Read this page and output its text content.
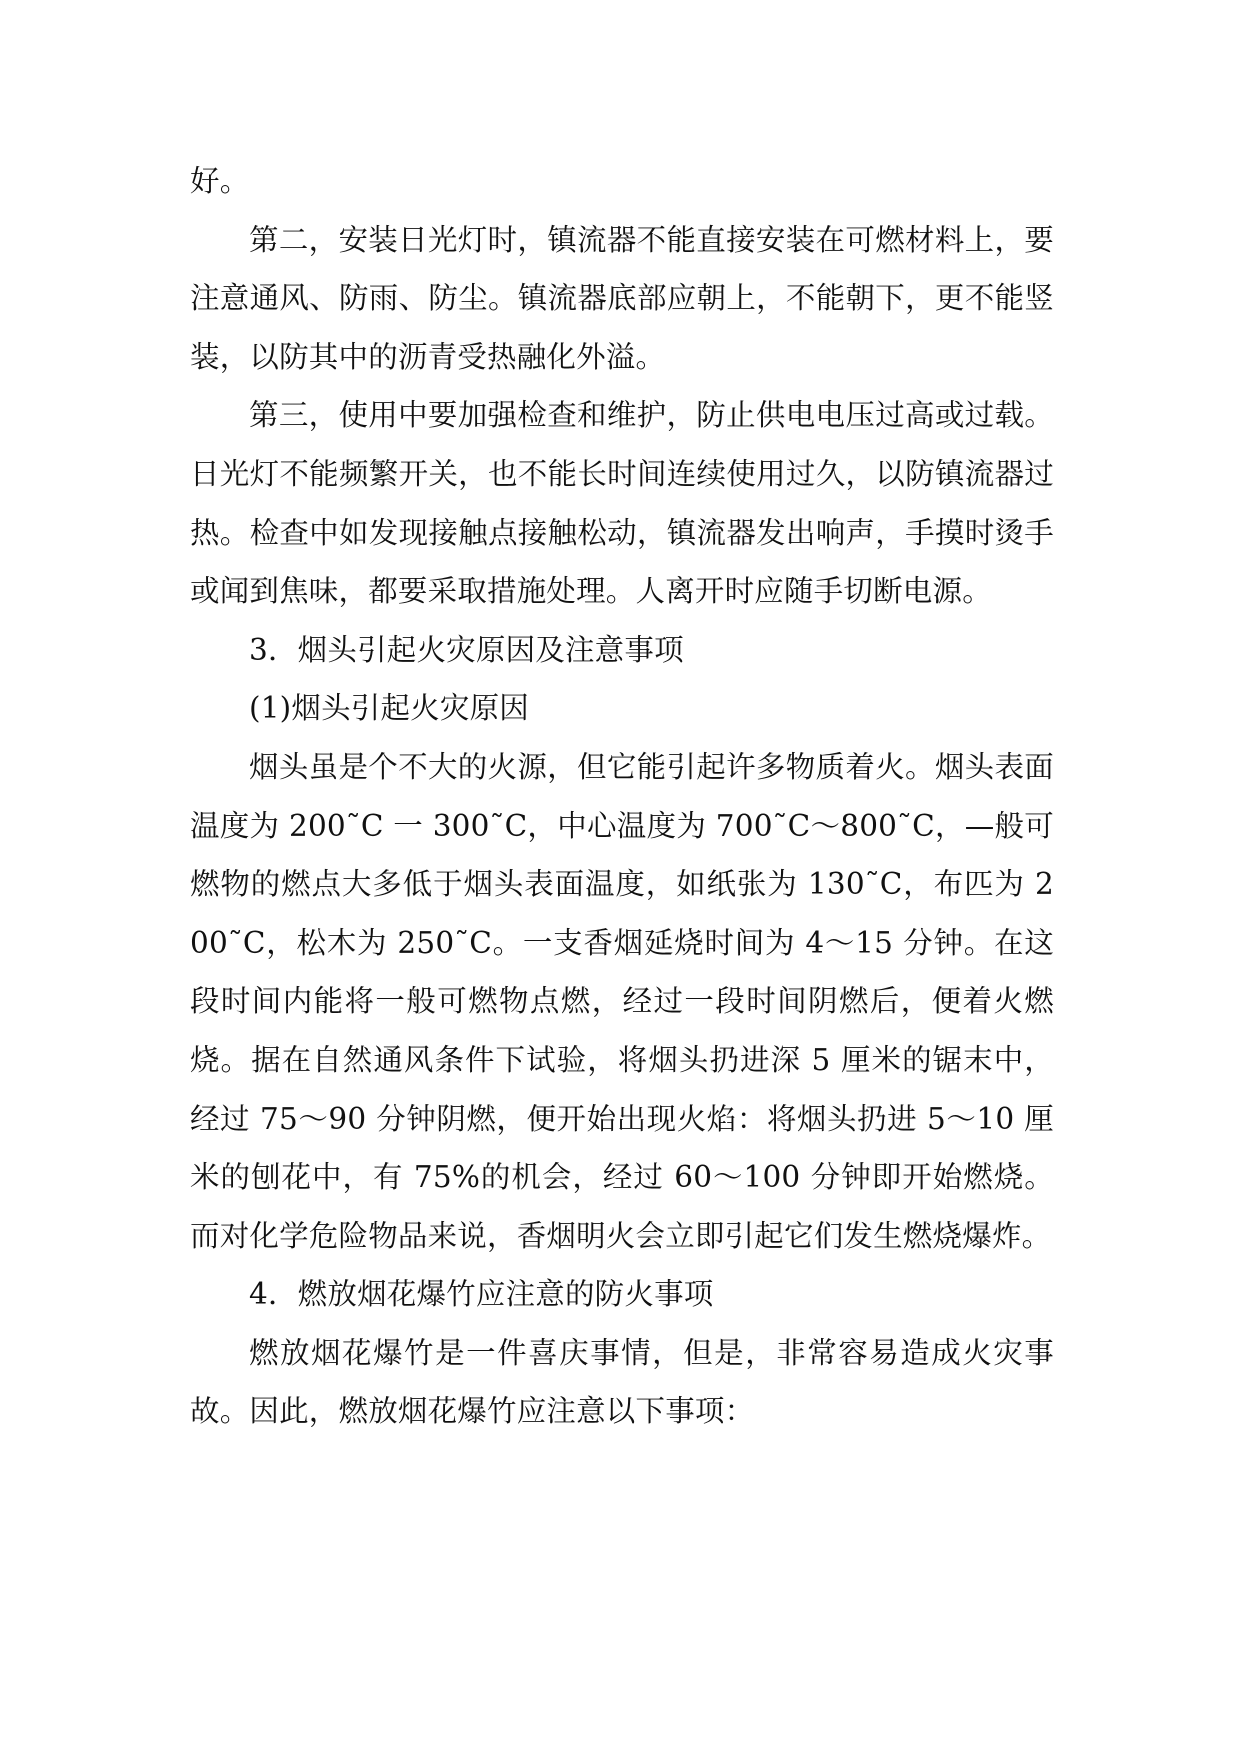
好。

第二，安装日光灯时，镇流器不能直接安装在可燃材料上，要注意通风、防雨、防尘。镇流器底部应朝上，不能朝下，更不能竖装，以防其中的沥青受热融化外溢。

第三，使用中要加强检查和维护，防止供电电压过高或过载。日光灯不能频繁开关，也不能长时间连续使用过久，以防镇流器过热。检查中如发现接触点接触松动，镇流器发出响声，手摸时烫手或闻到焦味，都要采取措施处理。人离开时应随手切断电源。

3．烟头引起火灾原因及注意事项

(1)烟头引起火灾原因

烟头虽是个不大的火源，但它能引起许多物质着火。烟头表面温度为 200˜C 一 300˜C，中心温度为 700˜C～800˜C，—般可燃物的燃点大多低于烟头表面温度，如纸张为 130˜C，布匹为 200˜C，松木为 250˜C。一支香烟延烧时间为 4～15 分钟。在这段时间内能将一般可燃物点燃，经过一段时间阴燃后，便着火燃烧。据在自然通风条件下试验，将烟头扔进深 5 厘米的锯末中，经过 75～90 分钟阴燃，便开始出现火焰：将烟头扔进 5～10 厘米的刨花中，有 75%的机会，经过 60～100 分钟即开始燃烧。而对化学危险物品来说，香烟明火会立即引起它们发生燃烧爆炸。

4．燃放烟花爆竹应注意的防火事项

燃放烟花爆竹是一件喜庆事情，但是，非常容易造成火灾事故。因此，燃放烟花爆竹应注意以下事项：
